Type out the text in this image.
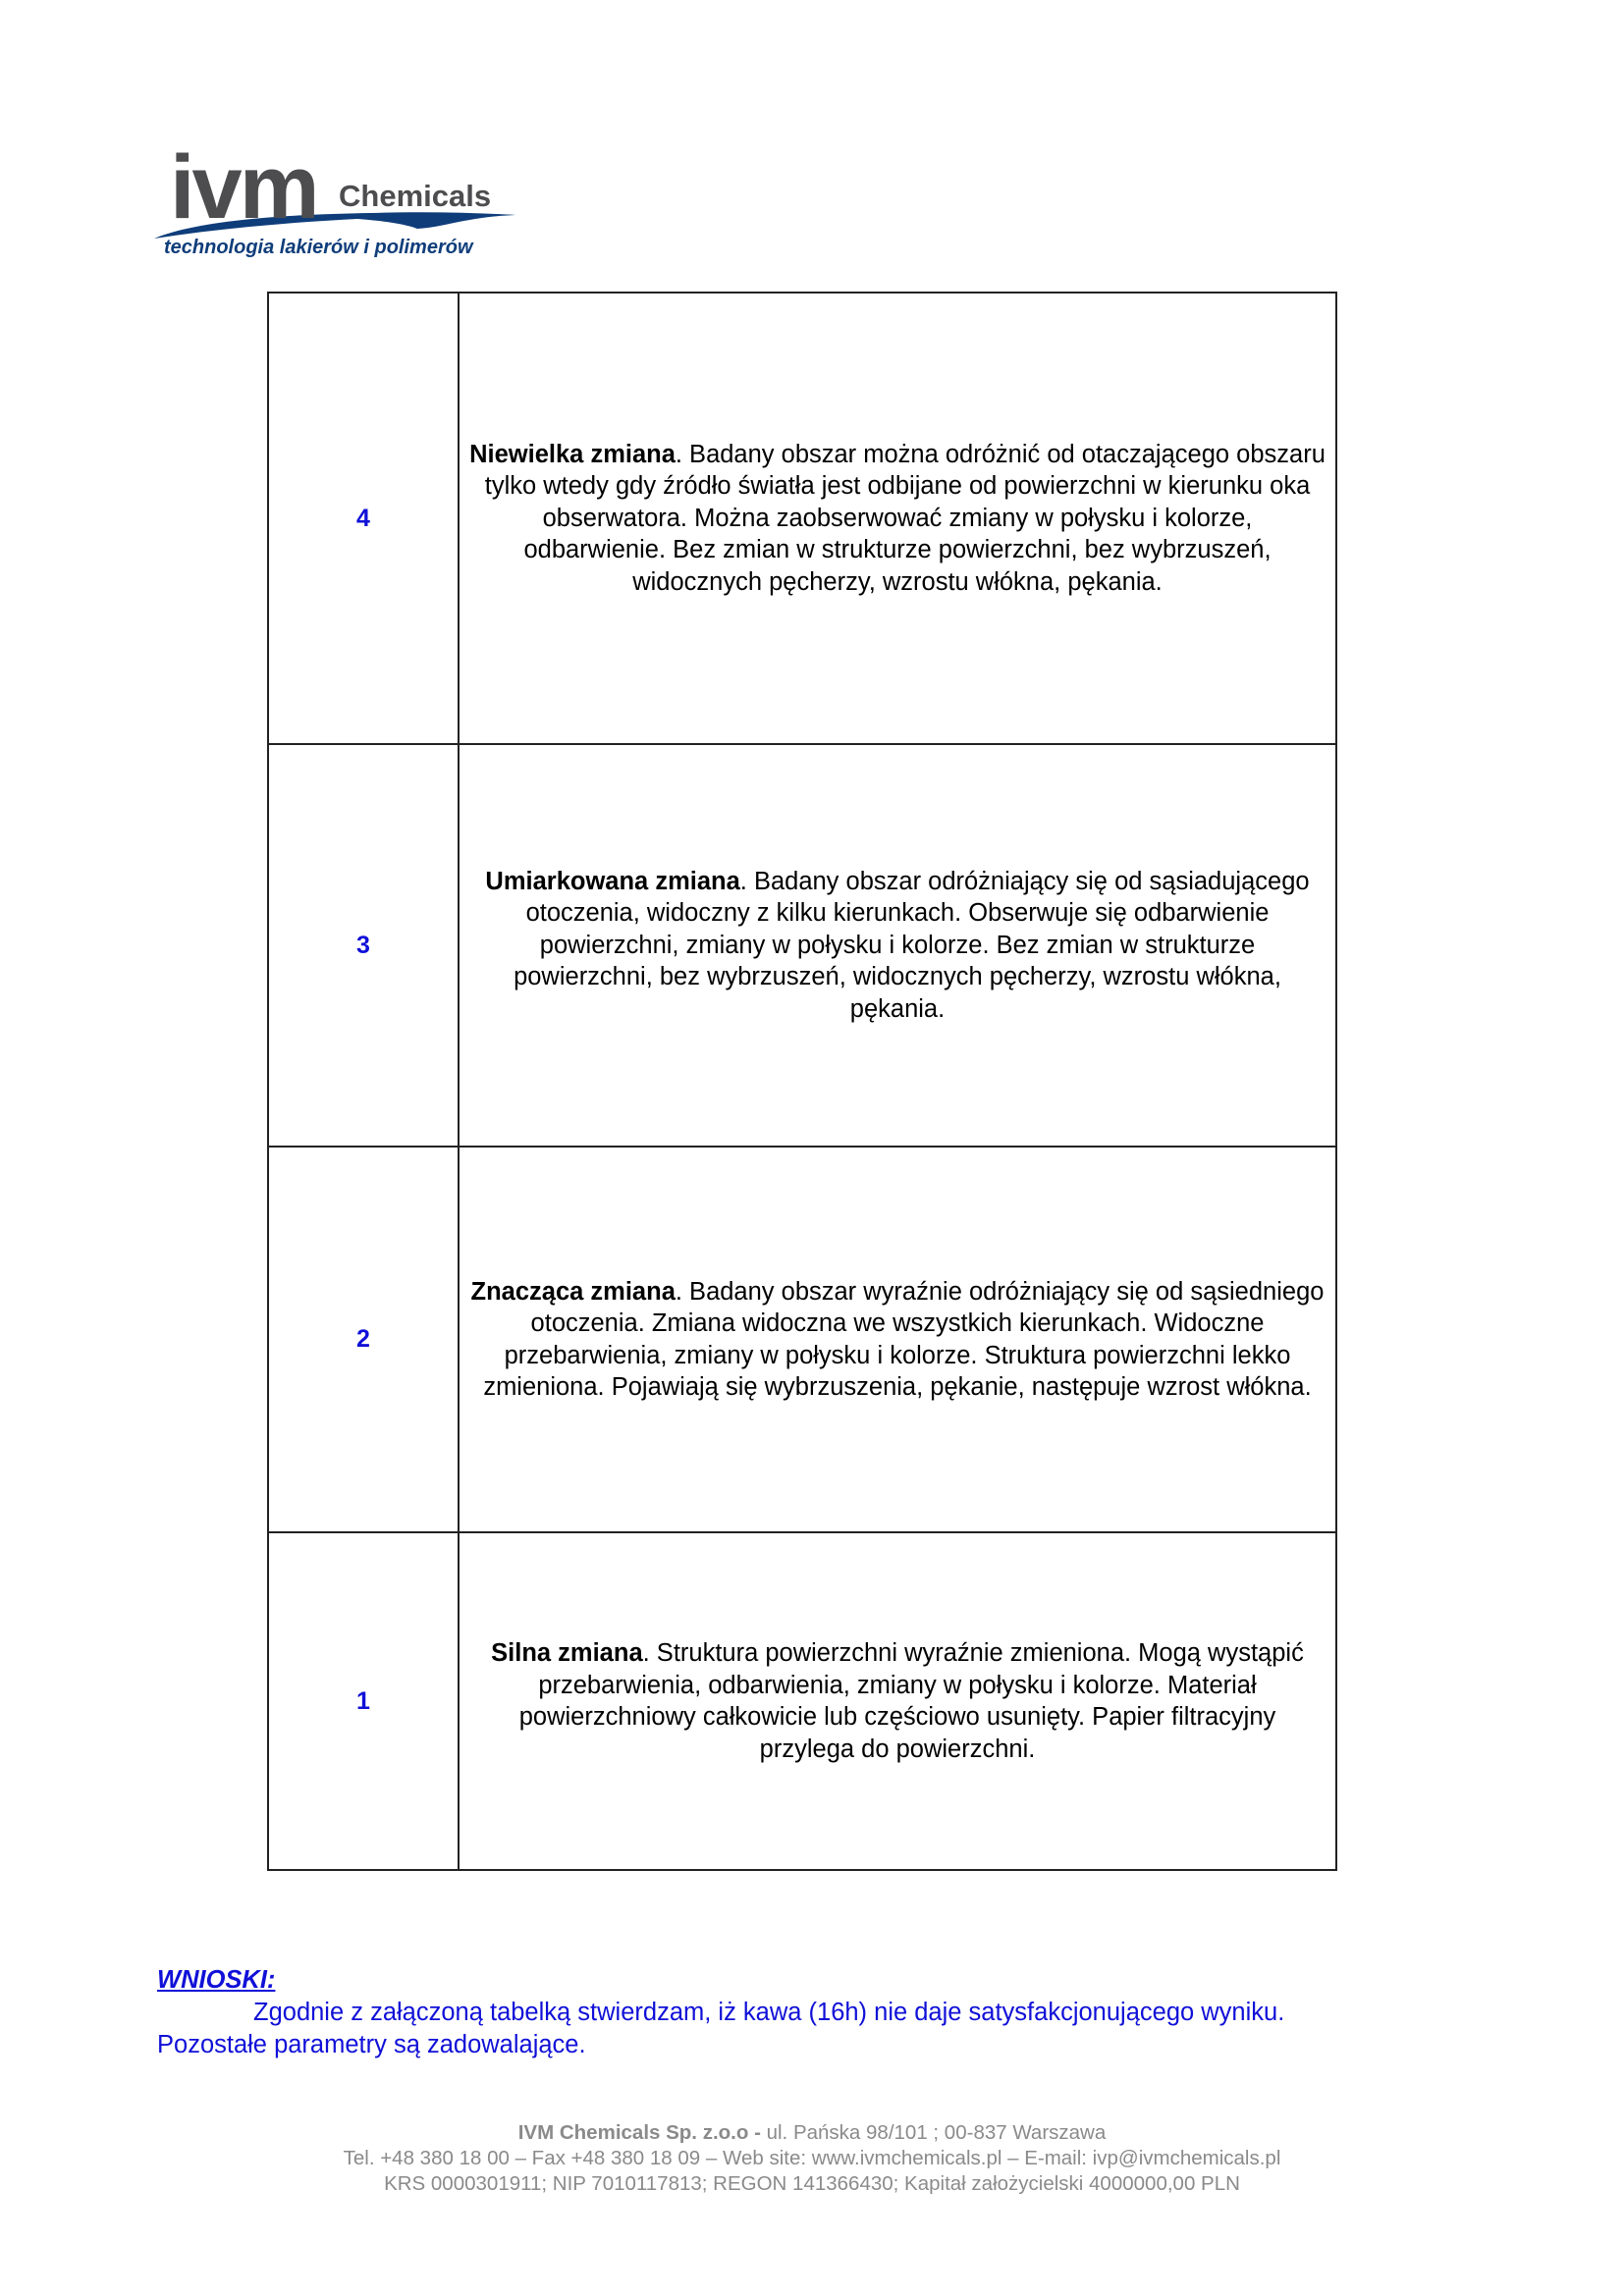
ivm Chemicals
technologia lakierów i polimerów
4	Niewielka zmiana. Badany obszar można odróżnić od otaczającego obszaru tylko wtedy gdy źródło światła jest odbijane od powierzchni w kierunku oka obserwatora. Można zaobserwować zmiany w połysku i kolorze, odbarwienie. Bez zmian w strukturze powierzchni, bez wybrzuszeń, widocznych pęcherzy, wzrostu włókna, pękania.
3	Umiarkowana zmiana. Badany obszar odróżniający się od sąsiadującego otoczenia, widoczny z kilku kierunkach. Obserwuje się odbarwienie powierzchni, zmiany w połysku i kolorze. Bez zmian w strukturze powierzchni, bez wybrzuszeń, widocznych pęcherzy, wzrostu włókna, pękania.
2	Znacząca zmiana. Badany obszar wyraźnie odróżniający się od sąsiedniego otoczenia. Zmiana widoczna we wszystkich kierunkach. Widoczne przebarwienia, zmiany w połysku i kolorze. Struktura powierzchni lekko zmieniona. Pojawiają się wybrzuszenia, pękanie, następuje wzrost włókna.
1	Silna zmiana. Struktura powierzchni wyraźnie zmieniona. Mogą wystąpić przebarwienia, odbarwienia, zmiany w połysku i kolorze. Materiał powierzchniowy całkowicie lub częściowo usunięty. Papier filtracyjny przylega do powierzchni.
WNIOSKI:
Zgodnie z załączoną tabelką stwierdzam, iż kawa (16h) nie daje satysfakcjonującego wyniku.
Pozostałe parametry są zadowalające.
IVM Chemicals Sp. z.o.o - ul. Pańska 98/101 ; 00-837 Warszawa
Tel. +48 380 18 00 – Fax +48 380 18 09 – Web site: www.ivmchemicals.pl – E-mail: ivp@ivmchemicals.pl
KRS 0000301911; NIP 7010117813; REGON 141366430; Kapitał założycielski 4000000,00 PLN
